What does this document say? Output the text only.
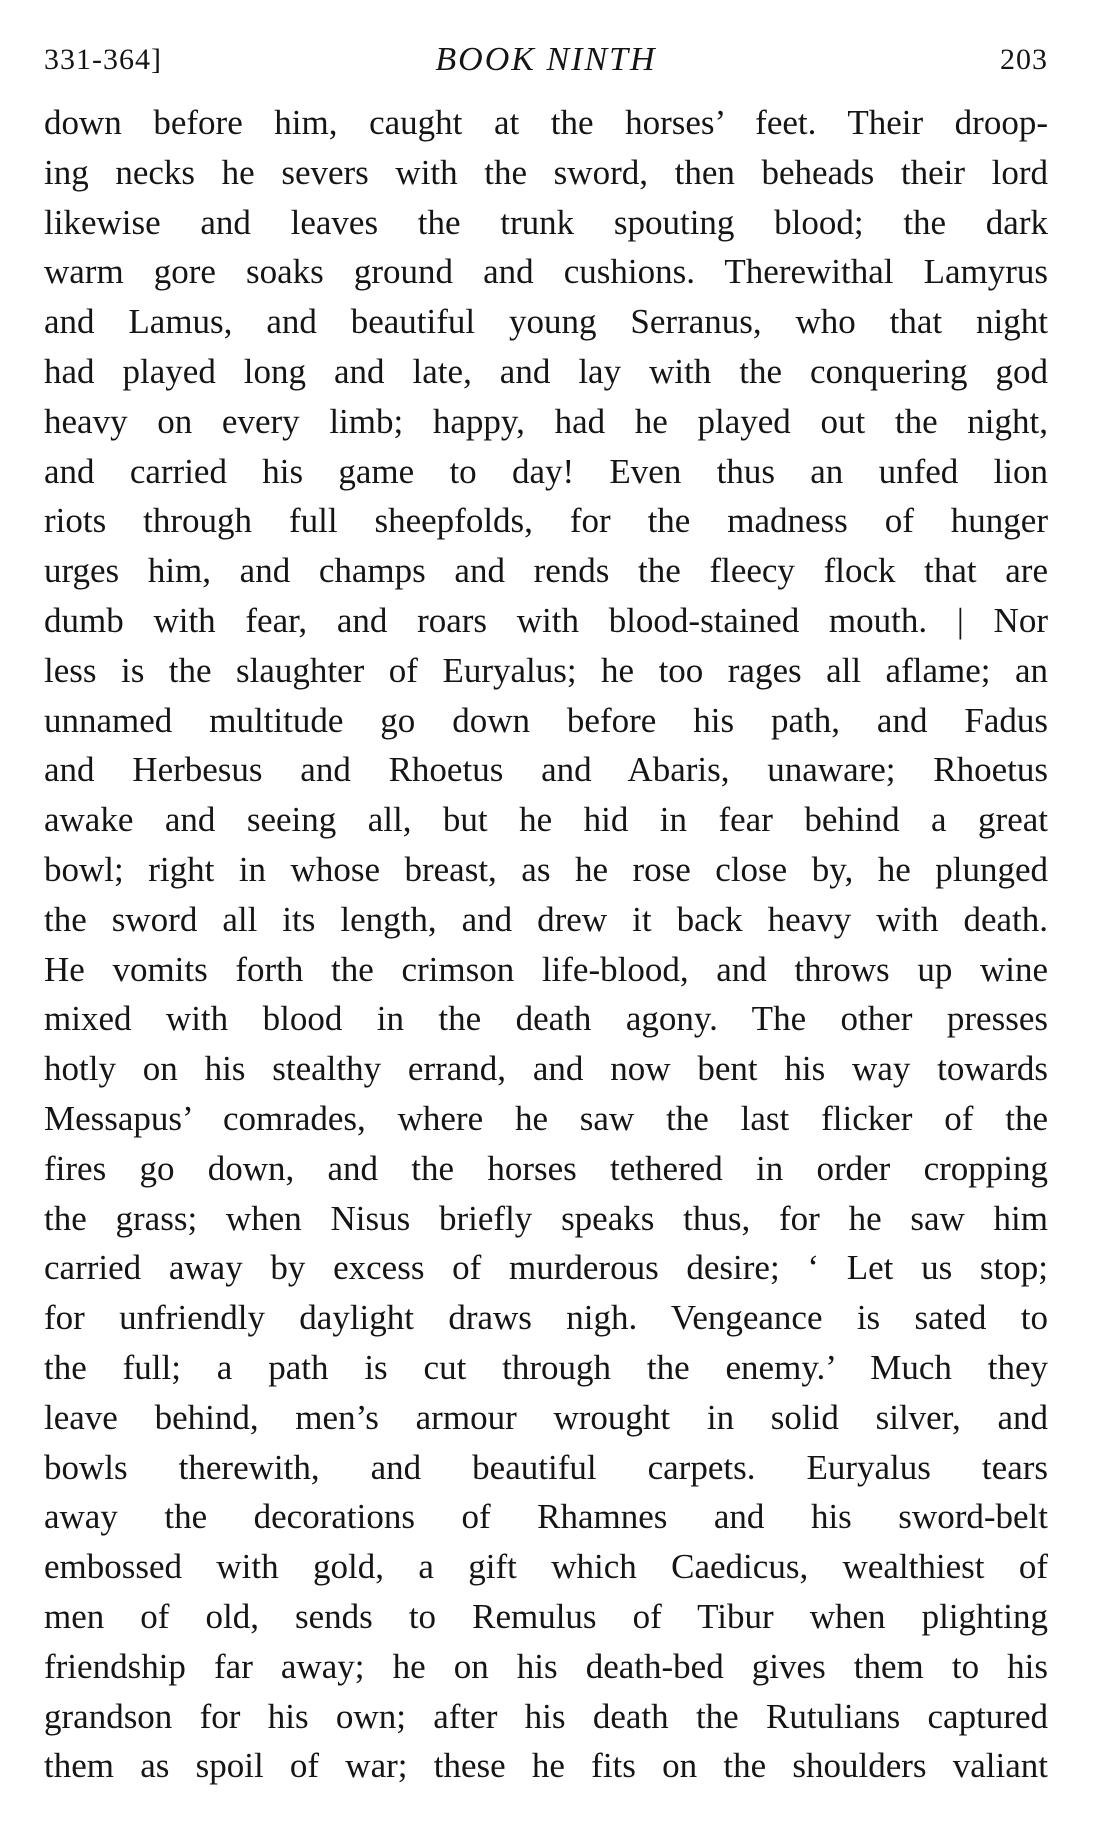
331-364]	BOOK NINTH	203
down before him, caught at the horses’ feet. Their droop-
ing necks he severs with the sword, then beheads their lord
likewise and leaves the trunk spouting blood; the dark
warm gore soaks ground and cushions. Therewithal Lamyrus
and Lamus, and beautiful young Serranus, who that night
had played long and late, and lay with the conquering god
heavy on every limb; happy, had he played out the night,
and carried his game to day! Even thus an unfed lion
riots through full sheepfolds, for the madness of hunger
urges him, and champs and rends the fleecy flock that are
dumb with fear, and roars with blood-stained mouth. | Nor
less is the slaughter of Euryalus; he too rages all aflame; an
unnamed multitude go down before his path, and Fadus
and Herbesus and Rhoetus and Abaris, unaware; Rhoetus
awake and seeing all, but he hid in fear behind a great
bowl; right in whose breast, as he rose close by, he plunged
the sword all its length, and drew it back heavy with death.
He vomits forth the crimson life-blood, and throws up wine
mixed with blood in the death agony. The other presses
hotly on his stealthy errand, and now bent his way towards
Messapus’ comrades, where he saw the last flicker of the
fires go down, and the horses tethered in order cropping
the grass; when Nisus briefly speaks thus, for he saw him
carried away by excess of murderous desire; ‘ Let us stop;
for unfriendly daylight draws nigh. Vengeance is sated to
the full; a path is cut through the enemy.’ Much they
leave behind, men’s armour wrought in solid silver, and
bowls therewith, and beautiful carpets. Euryalus tears
away the decorations of Rhamnes and his sword-belt
embossed with gold, a gift which Caedicus, wealthiest of
men of old, sends to Remulus of Tibur when plighting
friendship far away; he on his death-bed gives them to his
grandson for his own; after his death the Rutulians captured
them as spoil of war; these he fits on the shoulders valiant
